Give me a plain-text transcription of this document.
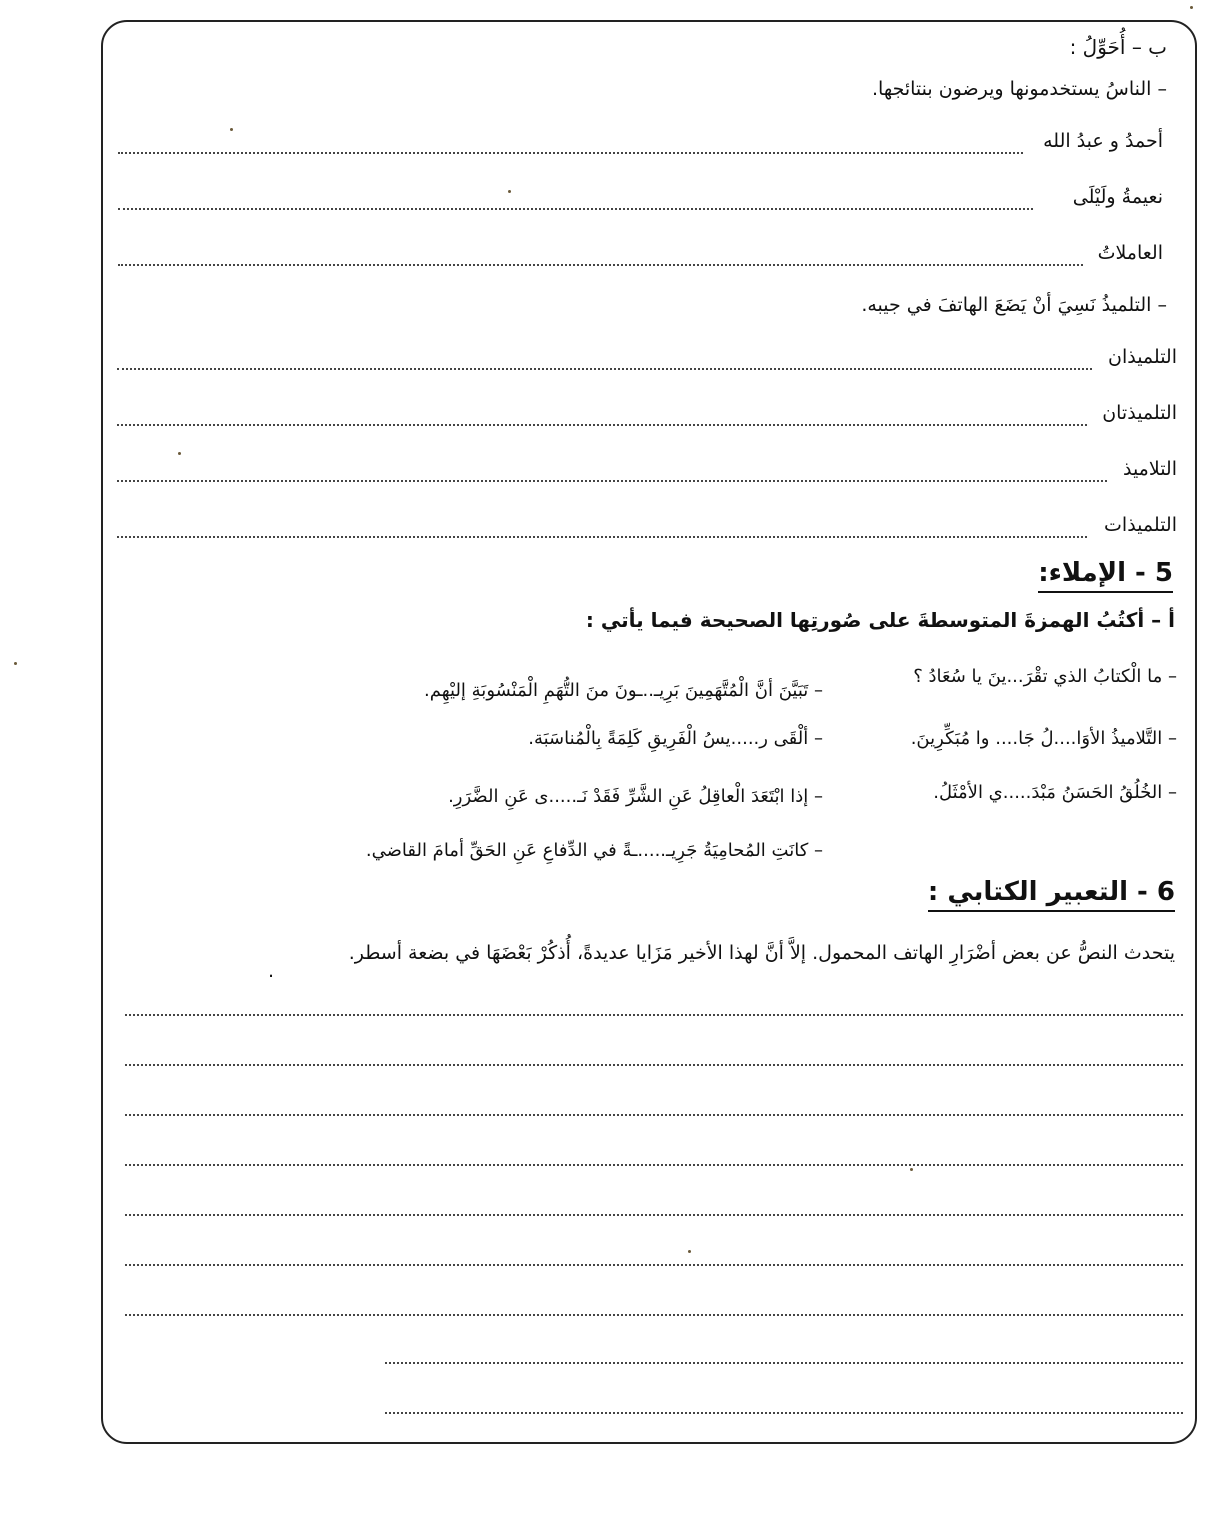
ب – أُحَوِّلُ :
– الناسُ يستخدمونها ويرضون بنتائجها.
أحمدُ و عبدُ الله
نعيمةُ ولَيْلَى
العاملاتُ
– التلميذُ نَسِيَ أنْ يَضَعَ الهاتفَ في جيبه.
التلميذان
التلميذتان
التلاميذ
التلميذات
5 - الإملاء:
أ – أكتُبُ الهمزةَ المتوسطةَ على صُورتِها الصحيحة فيما يأتي :
– ما الْكتابُ الذي تقْرَ...ينَ يا سُعَادُ ؟
– تَبَيَّنَ أنَّ الْمُتَّهَمِينَ بَرِيـ..ـونَ منَ التُّهَمِ الْمَنْسُوبَةِ إليْهِم.
– التَّلاميذُ الأوَا....لُ جَا.... وا مُبَكِّرِينَ.
– ألْقَى ر.....يسُ الْفَرِيقِ كَلِمَةً بِالْمُناسَبَة.
– الخُلُقُ الحَسَنُ مَبْدَ.....ي الأمْثَلُ.
– إذا ابْتَعَدَ الْعاقِلُ عَنِ الشَّرِّ فَقَدْ نَـ.....ى عَنِ الضَّرَرِ.
– كانَتِ المُحامِيَةُ جَرِيـ.....ـةً في الدِّفاعِ عَنِ الحَقِّ أمامَ القاضي.
6 - التعبير الكتابي :
يتحدث النصُّ عن بعض أضْرَارِ الهاتف المحمول. إلاَّ أنَّ لهذا الأخير مَزَايا عديدةً، أُذكُرْ بَعْضَهَا في بضعة أسطر.
.
